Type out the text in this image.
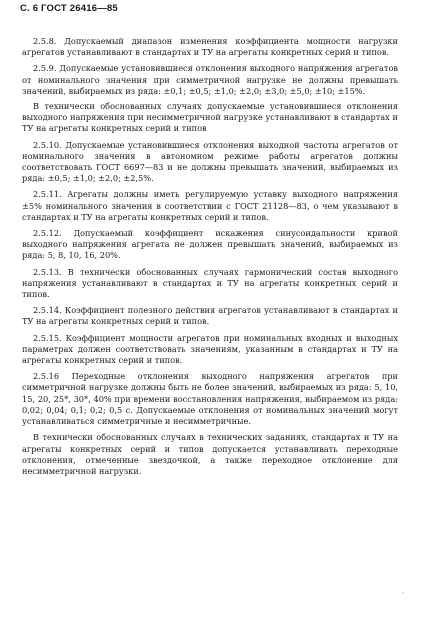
С. 6 ГОСТ 26416—85

2.5.8. Допускаемый диапазон изменения коэффициента мощности нагрузки агрегатов устанавливают в стандартах и ТУ на агрегаты конкретных серий и типов.

2.5.9. Допускаемые установившиеся отклонения выходного напряжения агрегатов от номинального значения при симметричной нагрузке не должны превышать значений, выбираемых из ряда: ±0,1; ±0,5; ±1,0; ±2,0; ±3,0; ±5,0; ±10; ±15%.

В технически обоснованных случаях допускаемые установившиеся отклонения выходного напряжения при несимметричной нагрузке устанавливают в стандартах и ТУ на агрегаты конкретных серий и типов

2.5.10. Допускаемые установившиеся отклонения выходной частоты агрегатов от номинального значения в автономном режиме работы агрегатов должны соответствовать ГОСТ 6697—83 и не должны превышать значений, выбираемых из ряда: ±0,5; ±1,0; ±2,0; ±2,5%.

2.5.11. Агрегаты должны иметь регулируемую уставку выходного напряжения ±5% номинального значения в соответствии с ГОСТ 21128—83, о чем указывают в стандартах и ТУ на агрегаты конкретных серий и типов.

2.5.12. Допускаемый коэффициент искажения синусоидальности кривой выходного напряжения агрегата не должен превышать значений, выбираемых из ряда: 5, 8, 10, 16, 20%.

2.5.13. В технически обоснованных случаях гармонический состав выходного напряжения устанавливают в стандартах и ТУ на агрегаты конкретных серий и типов.

2.5.14. Коэффициент полезного действия агрегатов устанавливают в стандартах и ТУ на агрегаты конкретных серий и типов.

2.5.15. Коэффициент мощности агрегатов при номинальных входных и выходных параметрах должен соответствовать значениям, указанным в стандартах и ТУ на агрегаты конкретных серий и типов.

2.5.16 Переходные отклонения выходного напряжения агрегатов при симметричной нагрузке должны быть не более значений, выбираемых из ряда: 5, 10, 15, 20, 25*, 30*, 40% при времени восстановления напряжения, выбираемом из ряда: 0,02; 0,04; 0,1; 0,2; 0,5 с. Допускаемые отклонения от номинальных значений могут устанавливаться симметричные и несимметричные.

В технически обоснованных случаях в технических заданиях, стандартах и ТУ на агрегаты конкретных серий и типов допускается устанавливать переходные отклонения, отмеченные звездочкой, а также переходное отклонение для несимметричной нагрузки.

·
